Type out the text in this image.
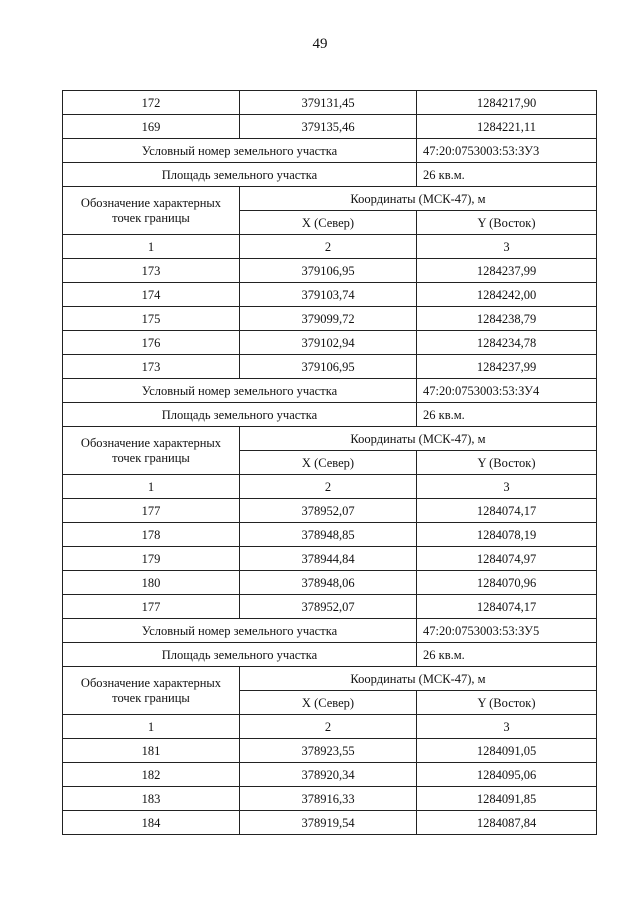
49
172	379131,45	1284217,90
169	379135,46	1284221,11
Условный номер земельного участка		47:20:0753003:53:ЗУ3
Площадь земельного участка		26 кв.м.
Обозначение характерных точек границы	Координаты (МСК-47), м	
	X (Север)	Y (Восток)
1	2	3
173	379106,95	1284237,99
174	379103,74	1284242,00
175	379099,72	1284238,79
176	379102,94	1284234,78
173	379106,95	1284237,99
Условный номер земельного участка		47:20:0753003:53:ЗУ4
Площадь земельного участка		26 кв.м.
Обозначение характерных точек границы	Координаты (МСК-47), м	
	X (Север)	Y (Восток)
1	2	3
177	378952,07	1284074,17
178	378948,85	1284078,19
179	378944,84	1284074,97
180	378948,06	1284070,96
177	378952,07	1284074,17
Условный номер земельного участка		47:20:0753003:53:ЗУ5
Площадь земельного участка		26 кв.м.
Обозначение характерных точек границы	Координаты (МСК-47), м	
	X (Север)	Y (Восток)
1	2	3
181	378923,55	1284091,05
182	378920,34	1284095,06
183	378916,33	1284091,85
184	378919,54	1284087,84
